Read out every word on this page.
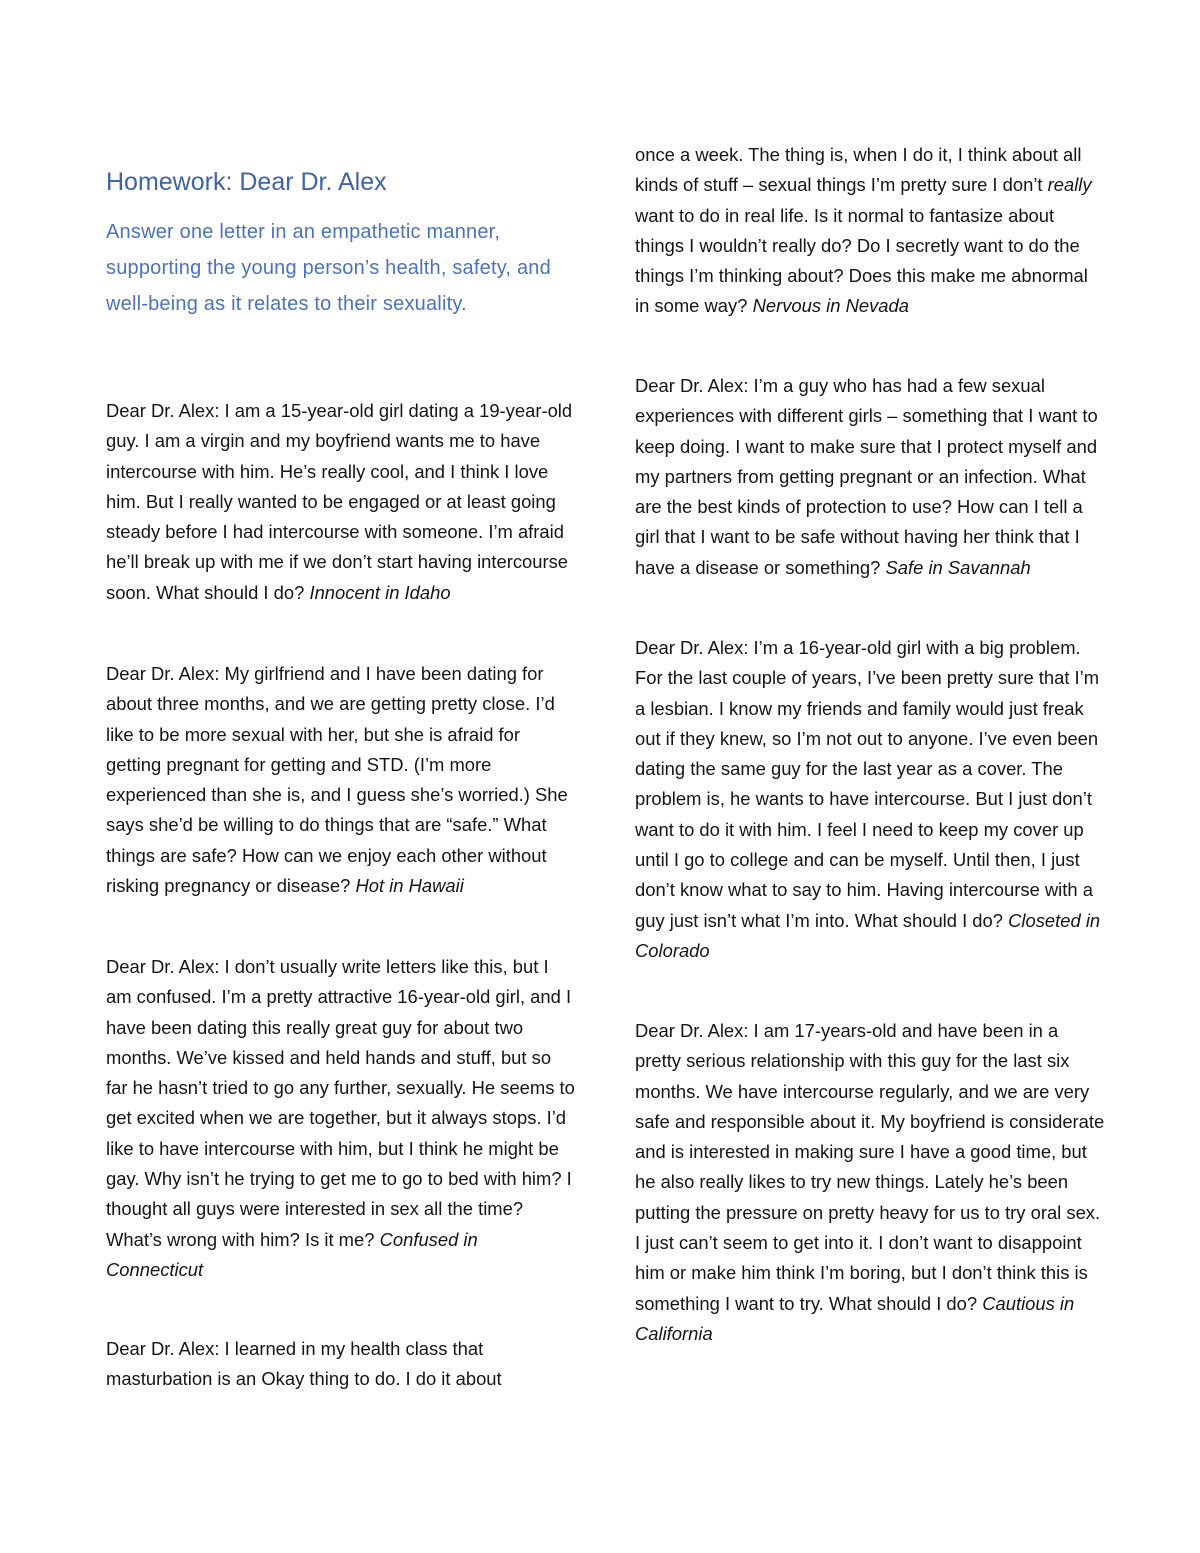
Homework: Dear Dr. Alex

Answer one letter in an empathetic manner, supporting the young person’s health, safety, and well-being as it relates to their sexuality.

Dear Dr. Alex: I am a 15-year-old girl dating a 19-year-old guy. I am a virgin and my boyfriend wants me to have intercourse with him. He’s really cool, and I think I love him. But I really wanted to be engaged or at least going steady before I had intercourse with someone. I’m afraid he’ll break up with me if we don’t start having intercourse soon. What should I do? Innocent in Idaho

Dear Dr. Alex: My girlfriend and I have been dating for about three months, and we are getting pretty close. I’d like to be more sexual with her, but she is afraid for getting pregnant for getting and STD. (I’m more experienced than she is, and I guess she’s worried.) She says she’d be willing to do things that are “safe.” What things are safe? How can we enjoy each other without risking pregnancy or disease? Hot in Hawaii

Dear Dr. Alex: I don’t usually write letters like this, but I am confused. I’m a pretty attractive 16-year-old girl, and I have been dating this really great guy for about two months. We’ve kissed and held hands and stuff, but so far he hasn’t tried to go any further, sexually. He seems to get excited when we are together, but it always stops. I’d like to have intercourse with him, but I think he might be gay. Why isn’t he trying to get me to go to bed with him? I thought all guys were interested in sex all the time? What’s wrong with him? Is it me? Confused in Connecticut

Dear Dr. Alex: I learned in my health class that masturbation is an Okay thing to do. I do it about

once a week. The thing is, when I do it, I think about all kinds of stuff – sexual things I’m pretty sure I don’t really want to do in real life. Is it normal to fantasize about things I wouldn’t really do? Do I secretly want to do the things I’m thinking about? Does this make me abnormal in some way? Nervous in Nevada

Dear Dr. Alex: I’m a guy who has had a few sexual experiences with different girls – something that I want to keep doing. I want to make sure that I protect myself and my partners from getting pregnant or an infection. What are the best kinds of protection to use? How can I tell a girl that I want to be safe without having her think that I have a disease or something? Safe in Savannah

Dear Dr. Alex: I’m a 16-year-old girl with a big problem. For the last couple of years, I’ve been pretty sure that I’m a lesbian. I know my friends and family would just freak out if they knew, so I’m not out to anyone. I’ve even been dating the same guy for the last year as a cover. The problem is, he wants to have intercourse. But I just don’t want to do it with him. I feel I need to keep my cover up until I go to college and can be myself. Until then, I just don’t know what to say to him. Having intercourse with a guy just isn’t what I’m into. What should I do? Closeted in Colorado

Dear Dr. Alex: I am 17-years-old and have been in a pretty serious relationship with this guy for the last six months. We have intercourse regularly, and we are very safe and responsible about it. My boyfriend is considerate and is interested in making sure I have a good time, but he also really likes to try new things. Lately he’s been putting the pressure on pretty heavy for us to try oral sex. I just can’t seem to get into it. I don’t want to disappoint him or make him think I’m boring, but I don’t think this is something I want to try. What should I do? Cautious in California
